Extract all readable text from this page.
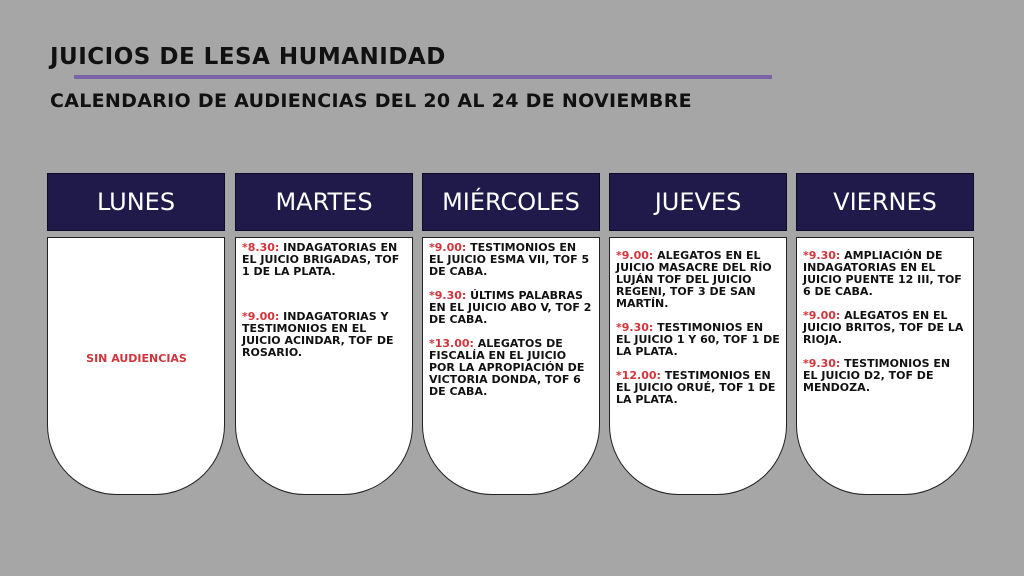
JUICIOS DE LESA HUMANIDAD
CALENDARIO DE AUDIENCIAS DEL 20 AL 24 DE NOVIEMBRE
LUNES
SIN AUDIENCIAS
MARTES

*8.30: INDAGATORIAS EN EL JUICIO BRIGADAS, TOF 1 DE LA PLATA.

*9.00: INDAGATORIAS Y TESTIMONIOS EN EL JUICIO ACINDAR, TOF DE ROSARIO.

MIÉRCOLES

*9.00: TESTIMONIOS EN EL JUICIO ESMA VII, TOF 5 DE CABA.

*9.30: ÚLTIMS PALABRAS EN EL JUICIO ABO V, TOF 2 DE CABA.

*13.00: ALEGATOS DE FISCALÍA EN EL JUICIO POR LA APROPIACIÓN DE VICTORIA DONDA, TOF 6 DE CABA.

JUEVES

*9.00: ALEGATOS EN EL JUICIO MASACRE DEL RÍO LUJÁN TOF DEL JUICIO REGENI, TOF 3 DE SAN MARTÍN.

*9.30: TESTIMONIOS EN EL JUICIO 1 Y 60, TOF 1 DE LA PLATA.

*12.00: TESTIMONIOS EN EL JUICIO ORUÉ, TOF 1 DE LA PLATA.

VIERNES

*9.30: AMPLIACIÓN DE INDAGATORIAS EN EL JUICIO PUENTE 12 III, TOF 6 DE CABA.

*9.00: ALEGATOS EN EL JUICIO BRITOS, TOF DE LA RIOJA.

*9.30: TESTIMONIOS EN EL JUICIO D2, TOF DE MENDOZA.
